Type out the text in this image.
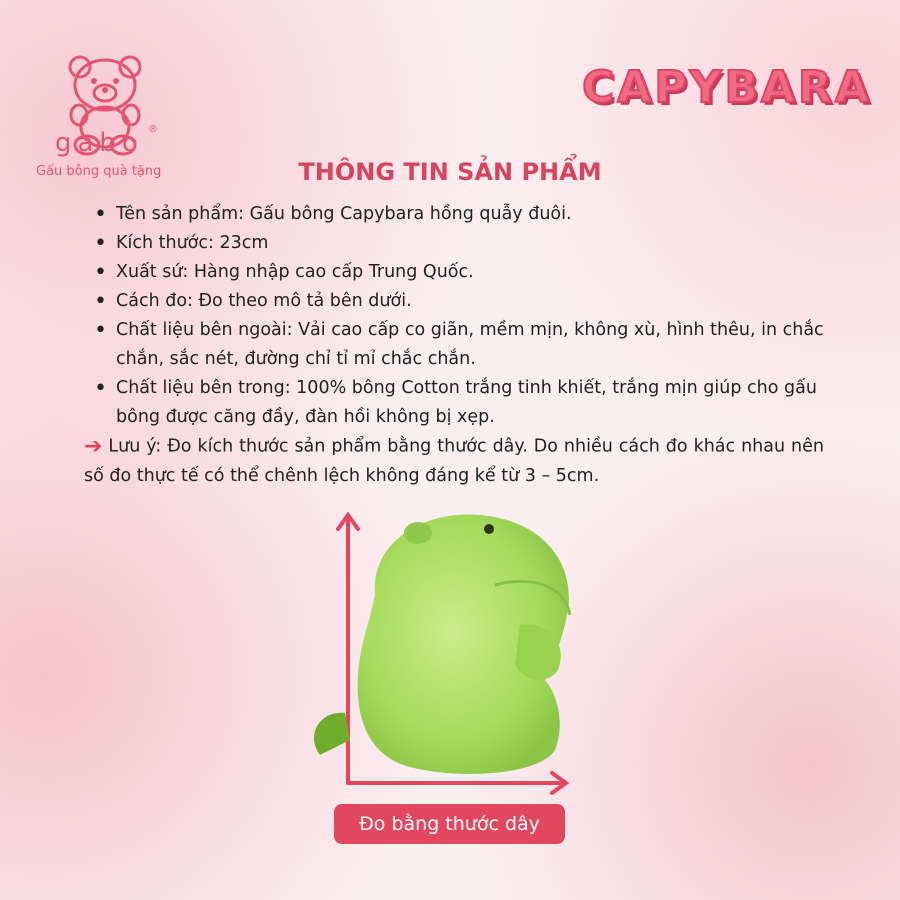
gabo ®
Gấu bông quà tặng
CAPYBARA
THÔNG TIN SẢN PHẨM
• Tên sản phẩm: Gấu bông Capybara hồng quẫy đuôi.
• Kích thước: 23cm
• Xuất sứ: Hàng nhập cao cấp Trung Quốc.
• Cách đo: Đo theo mô tả bên dưới.
• Chất liệu bên ngoài: Vải cao cấp co giãn, mềm mịn, không xù, hình thêu, in chắc chắn, sắc nét, đường chỉ tỉ mỉ chắc chắn.
• Chất liệu bên trong: 100% bông Cotton trắng tinh khiết, trắng mịn giúp cho gấu bông được căng đầy, đàn hồi không bị xẹp.
➔ Lưu ý: Đo kích thước sản phẩm bằng thước dây. Do nhiều cách đo khác nhau nên số đo thực tế có thể chênh lệch không đáng kể từ 3 – 5cm.
Đo bằng thước dây
